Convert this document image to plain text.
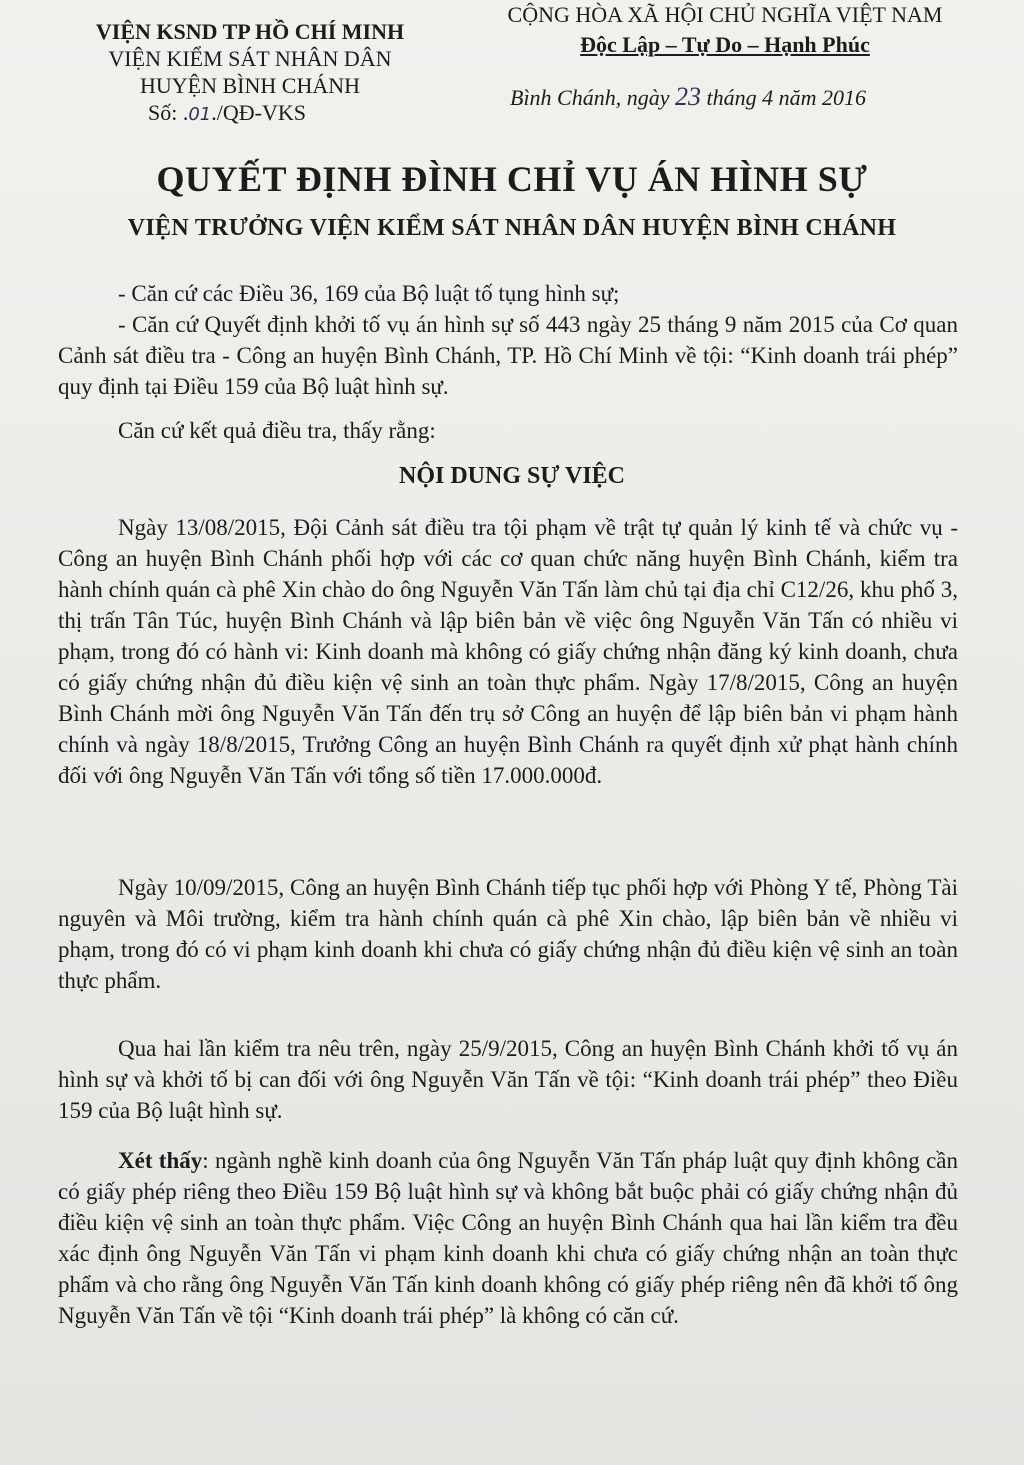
VIỆN KSND TP HỒ CHÍ MINH
VIỆN KIỂM SÁT NHÂN DÂN
HUYỆN BÌNH CHÁNH
Số: .01./QĐ-VKS
CỘNG HÒA XÃ HỘI CHỦ NGHĨA VIỆT NAM
Độc Lập – Tự Do – Hạnh Phúc
Bình Chánh, ngày 23 tháng 4 năm 2016
QUYẾT ĐỊNH ĐÌNH CHỈ VỤ ÁN HÌNH SỰ
VIỆN TRƯỞNG VIỆN KIỂM SÁT NHÂN DÂN HUYỆN BÌNH CHÁNH

- Căn cứ các Điều 36, 169 của Bộ luật tố tụng hình sự;

- Căn cứ Quyết định khởi tố vụ án hình sự số 443 ngày 25 tháng 9 năm 2015 của Cơ quan Cảnh sát điều tra - Công an huyện Bình Chánh, TP. Hồ Chí Minh về tội: “Kinh doanh trái phép” quy định tại Điều 159 của Bộ luật hình sự.

Căn cứ kết quả điều tra, thấy rằng:

NỘI DUNG SỰ VIỆC

Ngày 13/08/2015, Đội Cảnh sát điều tra tội phạm về trật tự quản lý kinh tế và chức vụ - Công an huyện Bình Chánh phối hợp với các cơ quan chức năng huyện Bình Chánh, kiểm tra hành chính quán cà phê Xin chào do ông Nguyễn Văn Tấn làm chủ tại địa chỉ C12/26, khu phố 3, thị trấn Tân Túc, huyện Bình Chánh và lập biên bản về việc ông Nguyễn Văn Tấn có nhiều vi phạm, trong đó có hành vi: Kinh doanh mà không có giấy chứng nhận đăng ký kinh doanh, chưa có giấy chứng nhận đủ điều kiện vệ sinh an toàn thực phẩm. Ngày 17/8/2015, Công an huyện Bình Chánh mời ông Nguyễn Văn Tấn đến trụ sở Công an huyện để lập biên bản vi phạm hành chính và ngày 18/8/2015, Trưởng Công an huyện Bình Chánh ra quyết định xử phạt hành chính đối với ông Nguyễn Văn Tấn với tổng số tiền 17.000.000đ.

Ngày 10/09/2015, Công an huyện Bình Chánh tiếp tục phối hợp với Phòng Y tế, Phòng Tài nguyên và Môi trường, kiểm tra hành chính quán cà phê Xin chào, lập biên bản về nhiều vi phạm, trong đó có vi phạm kinh doanh khi chưa có giấy chứng nhận đủ điều kiện vệ sinh an toàn thực phẩm.

Qua hai lần kiểm tra nêu trên, ngày 25/9/2015, Công an huyện Bình Chánh khởi tố vụ án hình sự và khởi tố bị can đối với ông Nguyễn Văn Tấn về tội: “Kinh doanh trái phép” theo Điều 159 của Bộ luật hình sự.

Xét thấy: ngành nghề kinh doanh của ông Nguyễn Văn Tấn pháp luật quy định không cần có giấy phép riêng theo Điều 159 Bộ luật hình sự và không bắt buộc phải có giấy chứng nhận đủ điều kiện vệ sinh an toàn thực phẩm. Việc Công an huyện Bình Chánh qua hai lần kiểm tra đều xác định ông Nguyễn Văn Tấn vi phạm kinh doanh khi chưa có giấy chứng nhận an toàn thực phẩm và cho rằng ông Nguyễn Văn Tấn kinh doanh không có giấy phép riêng nên đã khởi tố ông Nguyễn Văn Tấn về tội “Kinh doanh trái phép” là không có căn cứ.
